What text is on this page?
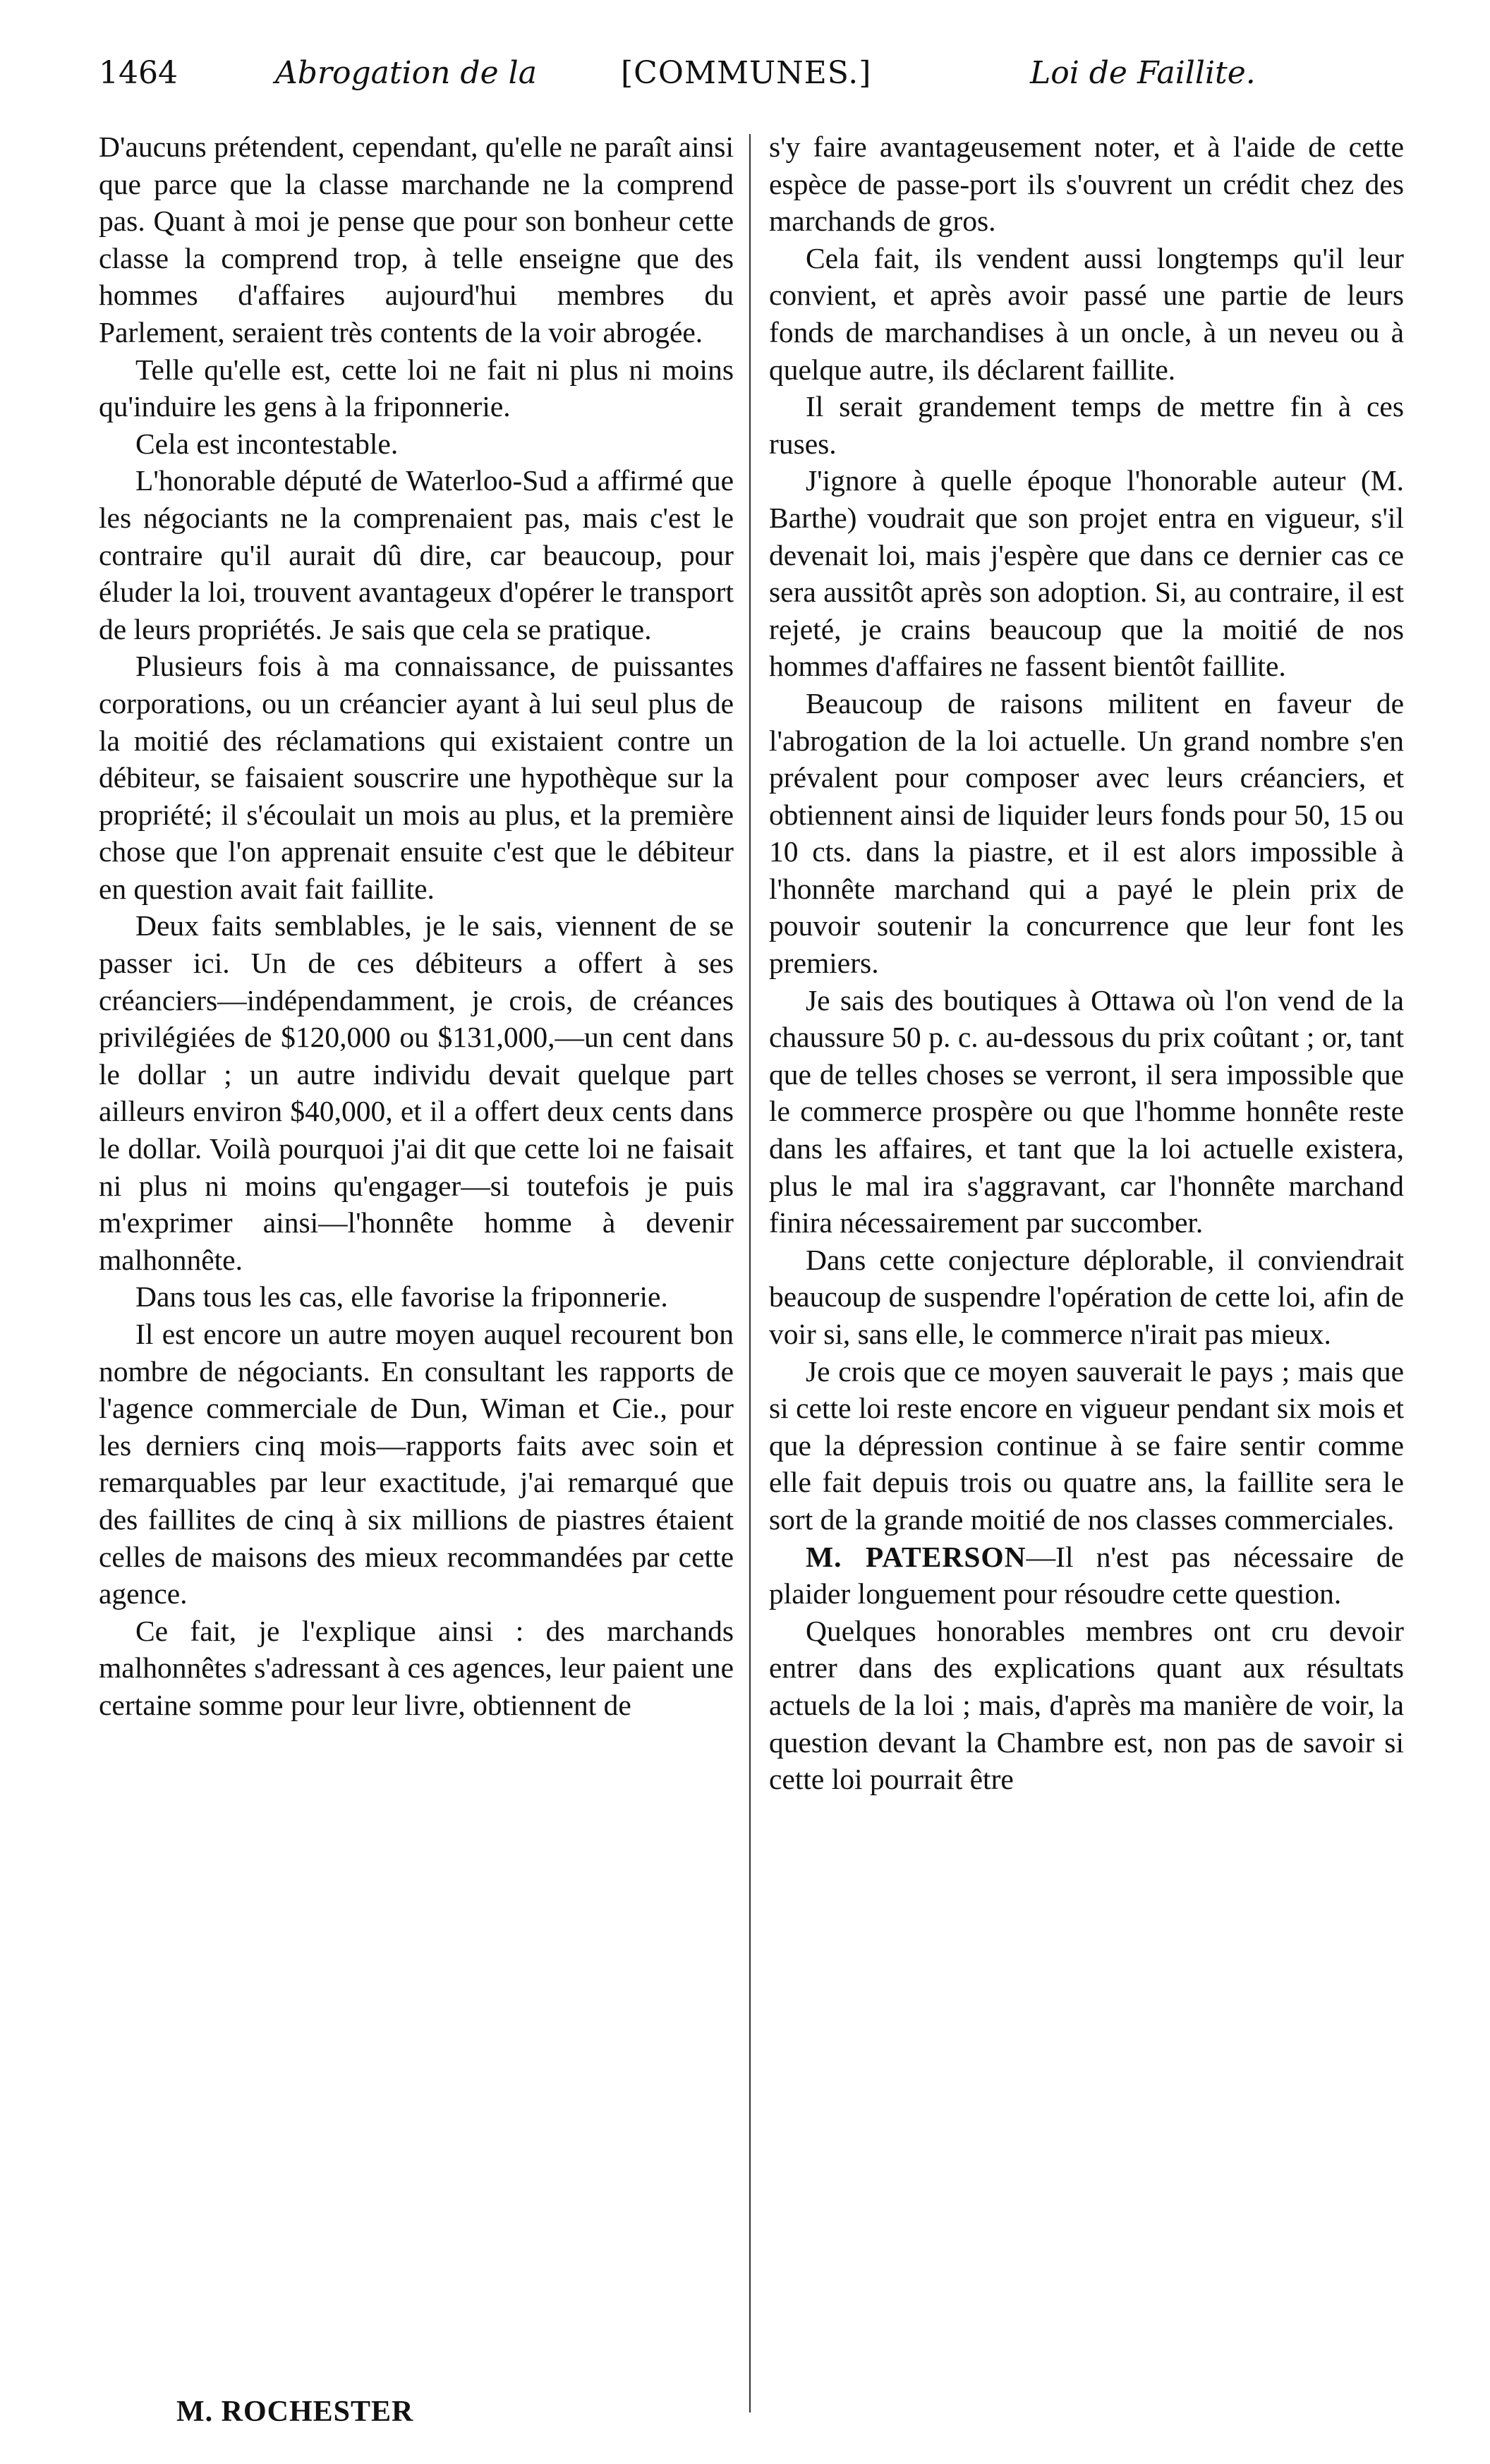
1464	Abrogation de la	[COMMUNES.]	Loi de Faillite.

D'aucuns prétendent, cependant, qu'elle ne paraît ainsi que parce que la classe marchande ne la comprend pas. Quant à moi je pense que pour son bonheur cette classe la comprend trop, à telle enseigne que des hommes d'affaires aujourd'hui membres du Parlement, seraient très contents de la voir abrogée.

Telle qu'elle est, cette loi ne fait ni plus ni moins qu'induire les gens à la friponnerie.

Cela est incontestable.

L'honorable député de Waterloo-Sud a affirmé que les négociants ne la comprenaient pas, mais c'est le contraire qu'il aurait dû dire, car beaucoup, pour éluder la loi, trouvent avantageux d'opérer le transport de leurs propriétés. Je sais que cela se pratique.

Plusieurs fois à ma connaissance, de puissantes corporations, ou un créancier ayant à lui seul plus de la moitié des réclamations qui existaient contre un débiteur, se faisaient souscrire une hypothèque sur la propriété; il s'écoulait un mois au plus, et la première chose que l'on apprenait ensuite c'est que le débiteur en question avait fait faillite.

Deux faits semblables, je le sais, viennent de se passer ici. Un de ces débiteurs a offert à ses créanciers—indépendamment, je crois, de créances privilégiées de $120,000 ou $131,000,—un cent dans le dollar ; un autre individu devait quelque part ailleurs environ $40,000, et il a offert deux cents dans le dollar. Voilà pourquoi j'ai dit que cette loi ne faisait ni plus ni moins qu'engager—si toutefois je puis m'exprimer ainsi—l'honnête homme à devenir malhonnête.

Dans tous les cas, elle favorise la friponnerie.

Il est encore un autre moyen auquel recourent bon nombre de négociants. En consultant les rapports de l'agence commerciale de Dun, Wiman et Cie., pour les derniers cinq mois—rapports faits avec soin et remarquables par leur exactitude, j'ai remarqué que des faillites de cinq à six millions de piastres étaient celles de maisons des mieux recommandées par cette agence.

Ce fait, je l'explique ainsi : des marchands malhonnêtes s'adressant à ces agences, leur paient une certaine somme pour leur livre, obtiennent de

s'y faire avantageusement noter, et à l'aide de cette espèce de passe-port ils s'ouvrent un crédit chez des marchands de gros.

Cela fait, ils vendent aussi longtemps qu'il leur convient, et après avoir passé une partie de leurs fonds de marchandises à un oncle, à un neveu ou à quelque autre, ils déclarent faillite.

Il serait grandement temps de mettre fin à ces ruses.

J'ignore à quelle époque l'honorable auteur (M. Barthe) voudrait que son projet entra en vigueur, s'il devenait loi, mais j'espère que dans ce dernier cas ce sera aussitôt après son adoption. Si, au contraire, il est rejeté, je crains beaucoup que la moitié de nos hommes d'affaires ne fassent bientôt faillite.

Beaucoup de raisons militent en faveur de l'abrogation de la loi actuelle. Un grand nombre s'en prévalent pour composer avec leurs créanciers, et obtiennent ainsi de liquider leurs fonds pour 50, 15 ou 10 cts. dans la piastre, et il est alors impossible à l'honnête marchand qui a payé le plein prix de pouvoir soutenir la concurrence que leur font les premiers.

Je sais des boutiques à Ottawa où l'on vend de la chaussure 50 p. c. au-dessous du prix coûtant ; or, tant que de telles choses se verront, il sera impossible que le commerce prospère ou que l'homme honnête reste dans les affaires, et tant que la loi actuelle existera, plus le mal ira s'aggravant, car l'honnête marchand finira nécessairement par succomber.

Dans cette conjecture déplorable, il conviendrait beaucoup de suspendre l'opération de cette loi, afin de voir si, sans elle, le commerce n'irait pas mieux.

Je crois que ce moyen sauverait le pays ; mais que si cette loi reste encore en vigueur pendant six mois et que la dépression continue à se faire sentir comme elle fait depuis trois ou quatre ans, la faillite sera le sort de la grande moitié de nos classes commerciales.

M. PATERSON—Il n'est pas nécessaire de plaider longuement pour résoudre cette question.

Quelques honorables membres ont cru devoir entrer dans des explications quant aux résultats actuels de la loi ; mais, d'après ma manière de voir, la question devant la Chambre est, non pas de savoir si cette loi pourrait être

M. ROCHESTER
